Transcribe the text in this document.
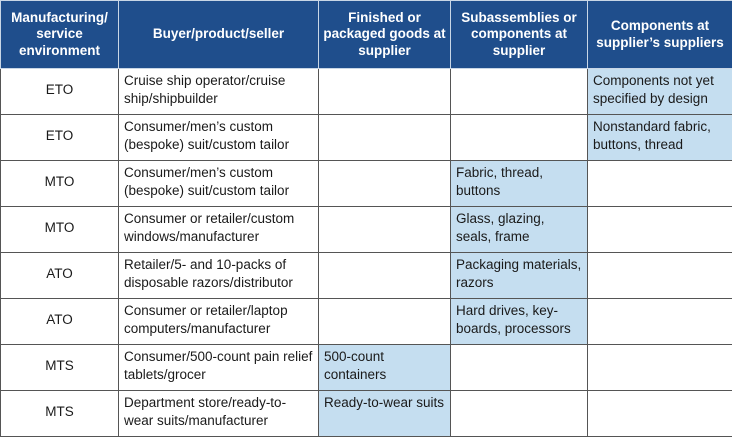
Manufacturing/ service environment	Buyer/product/seller	Finished or packaged goods at supplier	Subassemblies or components at supplier	Components at supplier’s suppliers
ETO	Cruise ship operator/cruise ship/shipbuilder			Components not yet specified by design
ETO	Consumer/men’s custom (bespoke) suit/custom tailor			Nonstandard fabric, buttons, thread
MTO	Consumer/men’s custom (bespoke) suit/custom tailor		Fabric, thread, buttons	
MTO	Consumer or retailer/custom windows/manufacturer		Glass, glazing, seals, frame	
ATO	Retailer/5- and 10-packs of disposable razors/distributor		Packaging materials, razors	
ATO	Consumer or retailer/laptop computers/manufacturer		Hard drives, key-boards, processors	
MTS	Consumer/500-count pain relief tablets/grocer	500-count containers		
MTS	Department store/ready-to-wear suits/manufacturer	Ready-to-wear suits		
